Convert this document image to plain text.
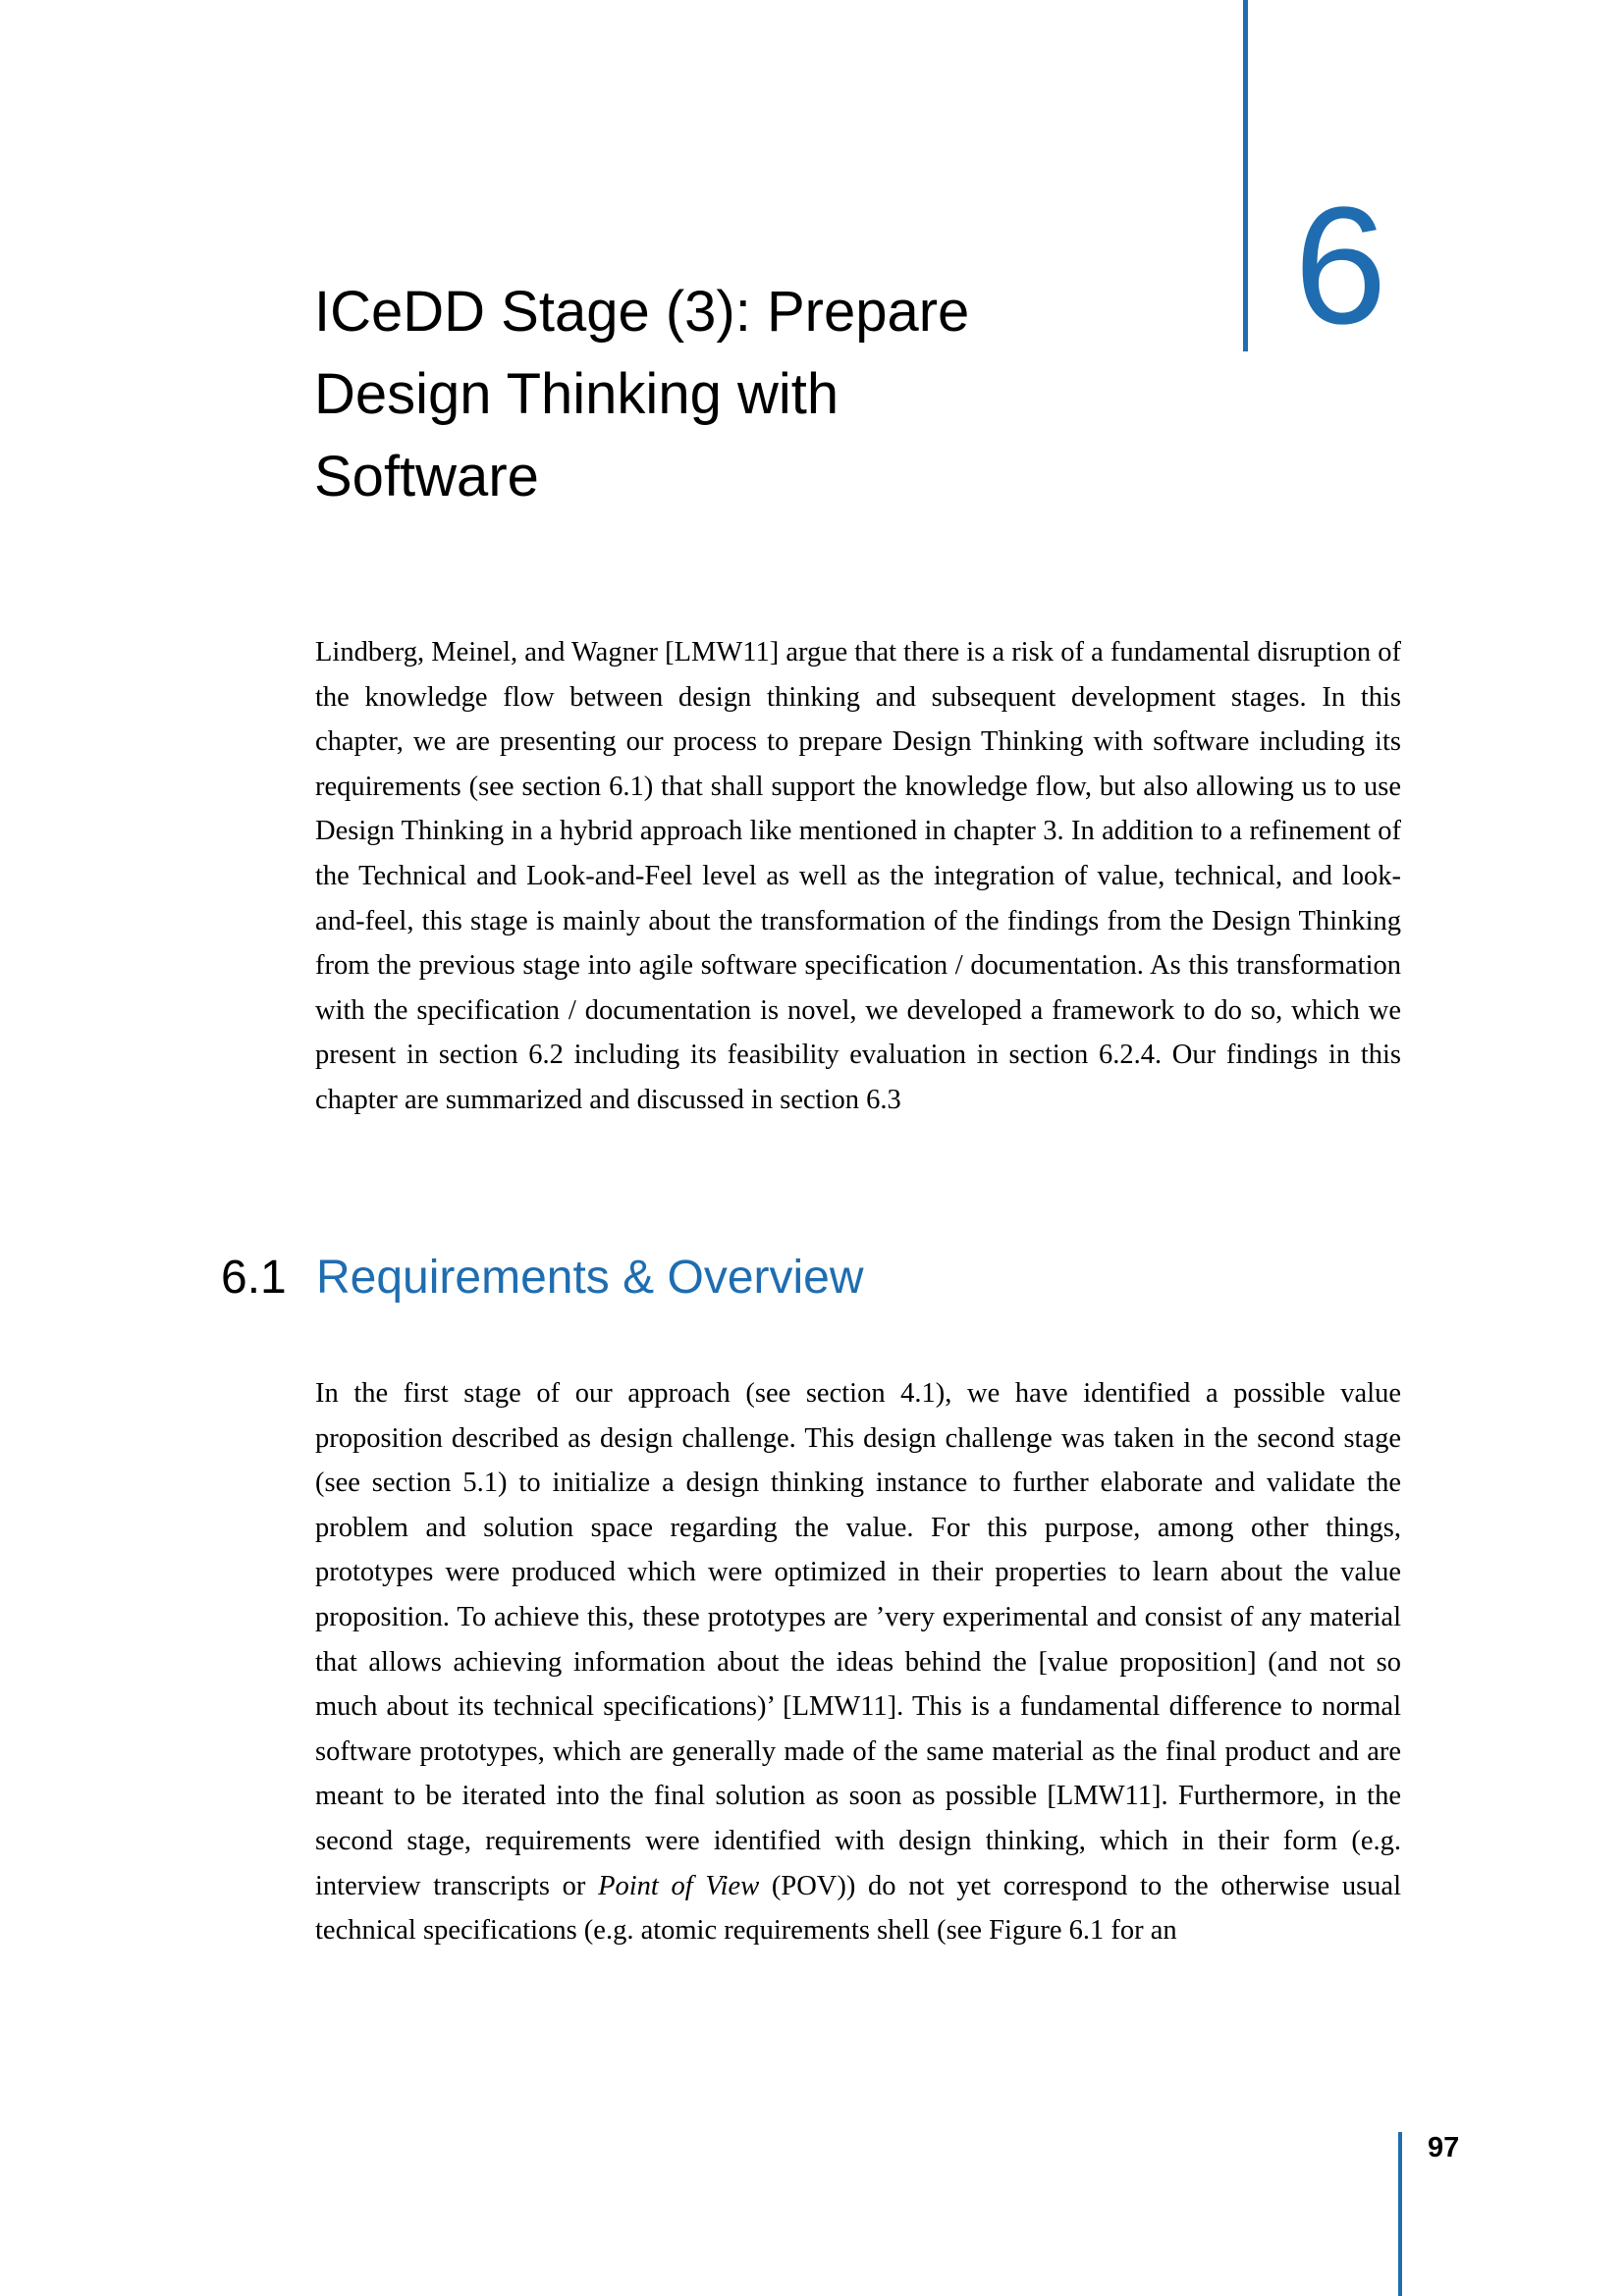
6
ICeDD Stage (3): Prepare Design Thinking with Software

Lindberg, Meinel, and Wagner [LMW11] argue that there is a risk of a fundamental disruption of the knowledge flow between design thinking and subsequent development stages. In this chapter, we are presenting our process to prepare Design Thinking with software including its requirements (see section 6.1) that shall support the knowledge flow, but also allowing us to use Design Thinking in a hybrid approach like mentioned in chapter 3. In addition to a refinement of the Technical and Look-and-Feel level as well as the integration of value, technical, and look-and-feel, this stage is mainly about the transformation of the findings from the Design Thinking from the previous stage into agile software specification / documentation. As this transformation with the specification / documentation is novel, we developed a framework to do so, which we present in section 6.2 including its feasibility evaluation in section 6.2.4. Our findings in this chapter are summarized and discussed in section 6.3

6.1 Requirements & Overview

In the first stage of our approach (see section 4.1), we have identified a possible value proposition described as design challenge. This design challenge was taken in the second stage (see section 5.1) to initialize a design thinking instance to further elaborate and validate the problem and solution space regarding the value. For this purpose, among other things, prototypes were produced which were optimized in their properties to learn about the value proposition. To achieve this, these prototypes are ’very experimental and consist of any material that allows achieving information about the ideas behind the [value proposition] (and not so much about its technical specifications)’ [LMW11]. This is a fundamental difference to normal software prototypes, which are generally made of the same material as the final product and are meant to be iterated into the final solution as soon as possible [LMW11]. Furthermore, in the second stage, requirements were identified with design thinking, which in their form (e.g. interview transcripts or Point of View (POV)) do not yet correspond to the otherwise usual technical specifications (e.g. atomic requirements shell (see Figure 6.1 for an

97
